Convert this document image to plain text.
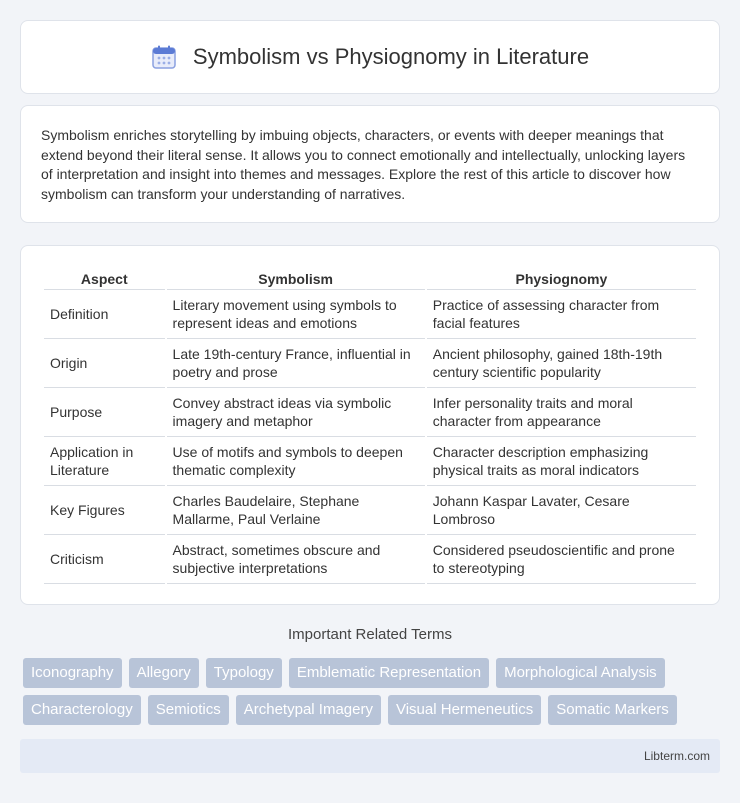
Symbolism vs Physiognomy in Literature

Symbolism enriches storytelling by imbuing objects, characters, or events with deeper meanings that extend beyond their literal sense. It allows you to connect emotionally and intellectually, unlocking layers of interpretation and insight into themes and messages. Explore the rest of this article to discover how symbolism can transform your understanding of narratives.

Aspect	Symbolism	Physiognomy
Definition	Literary movement using symbols to represent ideas and emotions	Practice of assessing character from facial features
Origin	Late 19th-century France, influential in poetry and prose	Ancient philosophy, gained 18th-19th century scientific popularity
Purpose	Convey abstract ideas via symbolic imagery and metaphor	Infer personality traits and moral character from appearance
Application in Literature	Use of motifs and symbols to deepen thematic complexity	Character description emphasizing physical traits as moral indicators
Key Figures	Charles Baudelaire, Stephane Mallarme, Paul Verlaine	Johann Kaspar Lavater, Cesare Lombroso
Criticism	Abstract, sometimes obscure and subjective interpretations	Considered pseudoscientific and prone to stereotyping
Important Related Terms
Iconography	Allegory	Typology	Emblematic Representation	Morphological Analysis
Characterology	Semiotics	Archetypal Imagery	Visual Hermeneutics	Somatic Markers
Libterm.com
